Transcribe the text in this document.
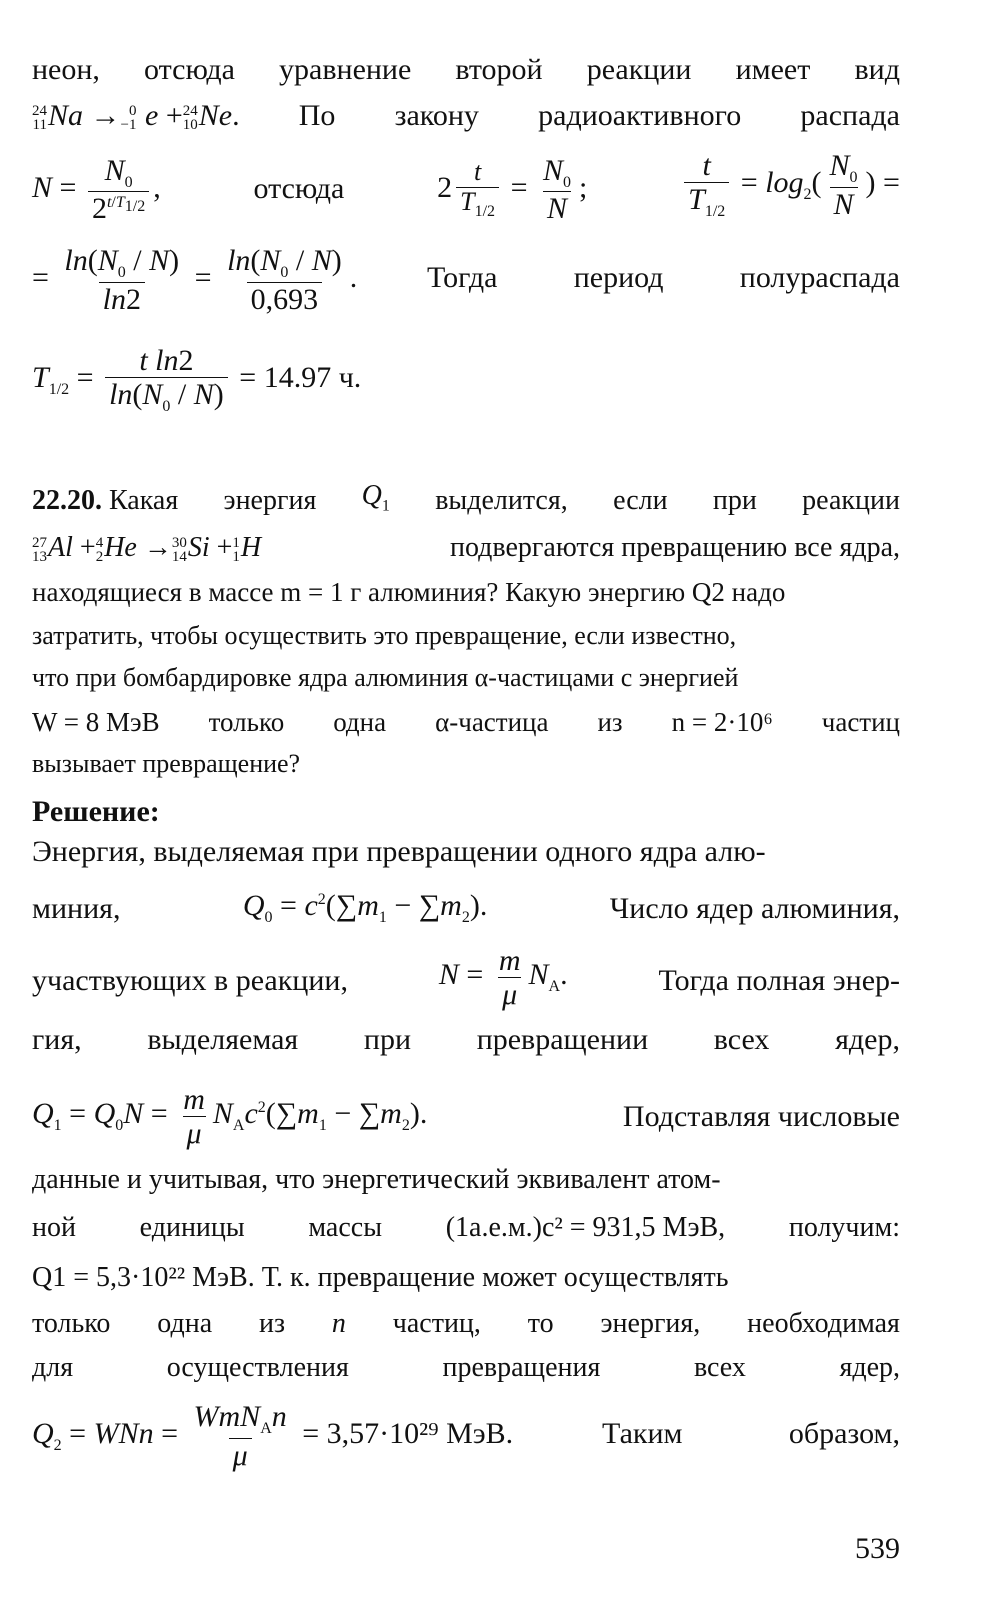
неон, отсюда уравнение второй реакции имеет вид
24
11 Na → 0
−1 e + 24
10 Ne. По закону радиоактивного распада
$N = \frac{N_0}{2^{t/T_{1/2}}}$ ,	отсюда	$2 \frac{t}{T_{1/2}} = \frac{N_0}{N}$ ;	$\frac{t}{T_{1/2}} = \log_2( \frac{N_0}{N}$ ) =
= $\frac{\ln(N_0 / N)}{\ln 2} = \frac{\ln(N_0 / N)}{0,693}$ . Тогда	период	полураспада
$T_{1/2} = \frac{\text{t ln2}}{\ln(N_0 / N)} = 14.97$ ч.
22.20. Какая энергия $Q_1$ выделится, если при реакции
27
13 Al + 4
2 He → 30
14 Si + 1
1 H	подвергаются превращению все ядра,
находящиеся в массе m = 1 г алюминия? Какую энергию Q2 надо
затратить, чтобы осуществить это превращение, если известно,
что при бомбардировке ядра алюминия α-частицами с энергией
W = 8 МэВ только одна α-частица из n = 2·10⁶ частиц
вызывает превращение?
Решение:
Энергия, выделяемая при превращении одного ядра алю-
миния,	$Q_0 = c^2(\sum m_1 - \sum m_2)$.	Число ядер алюминия,
участвующих в реакции,	$N = \frac{m}{\mu} N_A$.	Тогда полная энер-
гия, выделяемая при превращении всех ядер,
$Q_1 = Q_0N = \frac{m}{\mu} N_Ac^2(\sum m_1 - \sum m_2)$.	Подставляя числовые
данные и учитывая, что энергетический эквивалент атом-
ной единицы массы (1а.е.м.)c² = 931,5 МэВ, получим:
Q1 = 5,3·10²² МэВ. Т. к. превращение может осуществлять
только одна из n частиц, то энергия, необходимая
для	осуществления	превращения	всех	ядер,
$Q_2$ = WNn = $\frac{WmN_An}{\mu} = 3,57\cdot 10^{29}$ МэВ.	Таким	образом,
539
